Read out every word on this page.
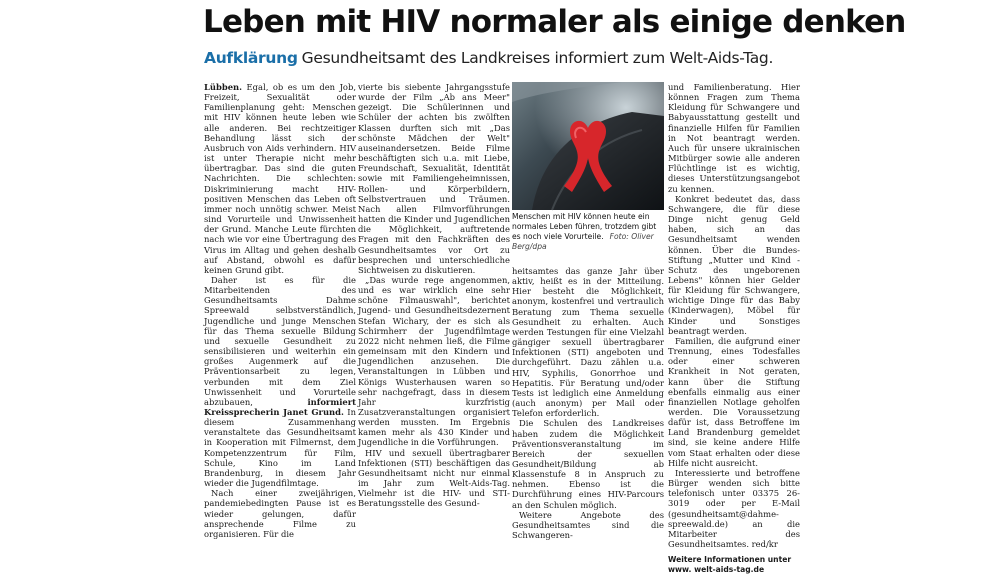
Leben mit HIV normaler als einige denken
Aufklärung Gesundheitsamt des Landkreises informiert zum Welt-Aids-Tag.

Lübben. Egal, ob es um den Job, Freizeit, Sexualität oder Familienplanung geht: Menschen mit HIV können heute leben wie alle anderen. Bei rechtzeitiger Behandlung lässt sich der Ausbruch von Aids verhindern. HIV ist unter Therapie nicht mehr übertragbar. Das sind die guten Nachrichten. Die schlechten: Diskriminierung macht HIV-positiven Menschen das Leben oft immer noch unnötig schwer. Meist sind Vorurteile und Unwissenheit der Grund. Manche Leute fürchten nach wie vor eine Übertragung des Virus im Alltag und gehen deshalb auf Abstand, obwohl es dafür keinen Grund gibt.

Daher ist es für die Mitarbeitenden des Gesundheitsamts Dahme Spreewald selbstverständlich, Jugendliche und junge Menschen für das Thema sexuelle Bildung und sexuelle Gesundheit zu sensibilisieren und weiterhin ein großes Augenmerk auf die Präventionsarbeit zu legen, verbunden mit dem Ziel Unwissenheit und Vorurteile abzubauen,	informiert Kreissprecherin Janet Grund. In diesem Zusammenhang veranstaltete das Gesundheitsamt in Kooperation mit Filmernst, dem Kompetenzzentrum für Film, Schule, Kino im Land Brandenburg, in diesem Jahr wieder die Jugendfilmtage.

Nach einer zweijährigen, pandemiebedingten Pause ist es wieder gelungen, dafür ansprechende Filme zu organisieren. Für die

vierte bis siebente Jahrgangsstufe wurde der Film „Ab ans Meer" gezeigt. Die Schülerinnen und Schüler der achten bis zwölften Klassen durften sich mit „Das schönste Mädchen der Welt" auseinandersetzen. Beide Filme beschäftigten sich u.a. mit Liebe, Freundschaft, Sexualität, Identität sowie mit Familiengeheimnissen, Rollen- und Körperbildern, Selbstvertrauen und Träumen. Nach allen Filmvorführungen hatten die Kinder und Jugendlichen die Möglichkeit, auftretende Fragen mit den Fachkräften des Gesundheitsamtes vor Ort zu besprechen und unterschiedliche Sichtweisen zu diskutieren.

„Das wurde rege angenommen, und es war wirklich eine sehr schöne Filmauswahl", berichtet Jugend- und Gesundheitsdezernent Stefan Wichary, der es sich als Schirmherr der Jugendfilmtage 2022 nicht nehmen ließ, die Filme gemeinsam mit den Kindern und Jugendlichen anzusehen. Die Veranstaltungen in Lübben und Königs Wusterhausen waren so sehr nachgefragt, dass in diesem Jahr kurzfristig Zusatzveranstaltungen organisiert werden mussten. Im Ergebnis kamen mehr als 430 Kinder und Jugendliche in die Vorführungen.

HIV und sexuell übertragbarer Infektionen (STI) beschäftigen das Gesundheitsamt nicht nur einmal im Jahr zum Welt-Aids-Tag. Vielmehr ist die HIV- und STI-Beratungsstelle des Gesund-

Menschen mit HIV können heute ein normales Leben führen, trotzdem gibt es noch viele Vorurteile. Foto: Oliver Berg/dpa

heitsamtes das ganze Jahr über aktiv, heißt es in der Mitteilung. Hier besteht die Möglichkeit, anonym, kostenfrei und vertraulich Beratung zum Thema sexuelle Gesundheit zu erhalten. Auch werden Testungen für eine Vielzahl gängiger sexuell übertragbarer Infektionen (STI) angeboten und durchgeführt. Dazu zählen u.a. HIV, Syphilis, Gonorrhoe und Hepatitis. Für Beratung und/oder Tests ist lediglich eine Anmeldung (auch anonym) per Mail oder Telefon erforderlich.

Die Schulen des Landkreises haben zudem die Möglichkeit Präventionsveranstaltung im Bereich der sexuellen Gesundheit/Bildung ab Klassenstufe 8 in Anspruch zu nehmen. Ebenso ist die Durchführung eines HIV-Parcours an den Schulen möglich.

Weitere Angebote des Gesundheitsamtes sind die Schwangeren-

und Familienberatung. Hier können Fragen zum Thema Kleidung für Schwangere und Babyausstattung gestellt und finanzielle Hilfen für Familien in Not beantragt werden. Auch für unsere ukrainischen Mitbürger sowie alle anderen Flüchtlinge ist es wichtig, dieses Unterstützungsangebot zu kennen.

Konkret bedeutet das, dass Schwangere, die für diese Dinge nicht genug Geld haben, sich an das Gesundheitsamt wenden können. Über die Bundes-Stiftung „Mutter und Kind - Schutz des ungeborenen Lebens" können hier Gelder für Kleidung für Schwangere, wichtige Dinge für das Baby (Kinderwagen), Möbel für Kinder und Sonstiges beantragt werden.

Familien, die aufgrund einer Trennung, eines Todesfalles oder einer schweren Krankheit in Not geraten, kann über die Stiftung ebenfalls einmalig aus einer finanziellen Notlage geholfen werden. Die Voraussetzung dafür ist, dass Betroffene im Land Brandenburg gemeldet sind, sie keine andere Hilfe vom Staat erhalten oder diese Hilfe nicht ausreicht.

Interessierte und betroffene Bürger wenden sich bitte telefonisch unter 03375 26-3019 oder per E-Mail (gesundheitsamt@dahme-spreewald.de) an die Mitarbeiter des Gesundheitsamtes. red/kr

Weitere Informationen unter www. welt-aids-tag.de
